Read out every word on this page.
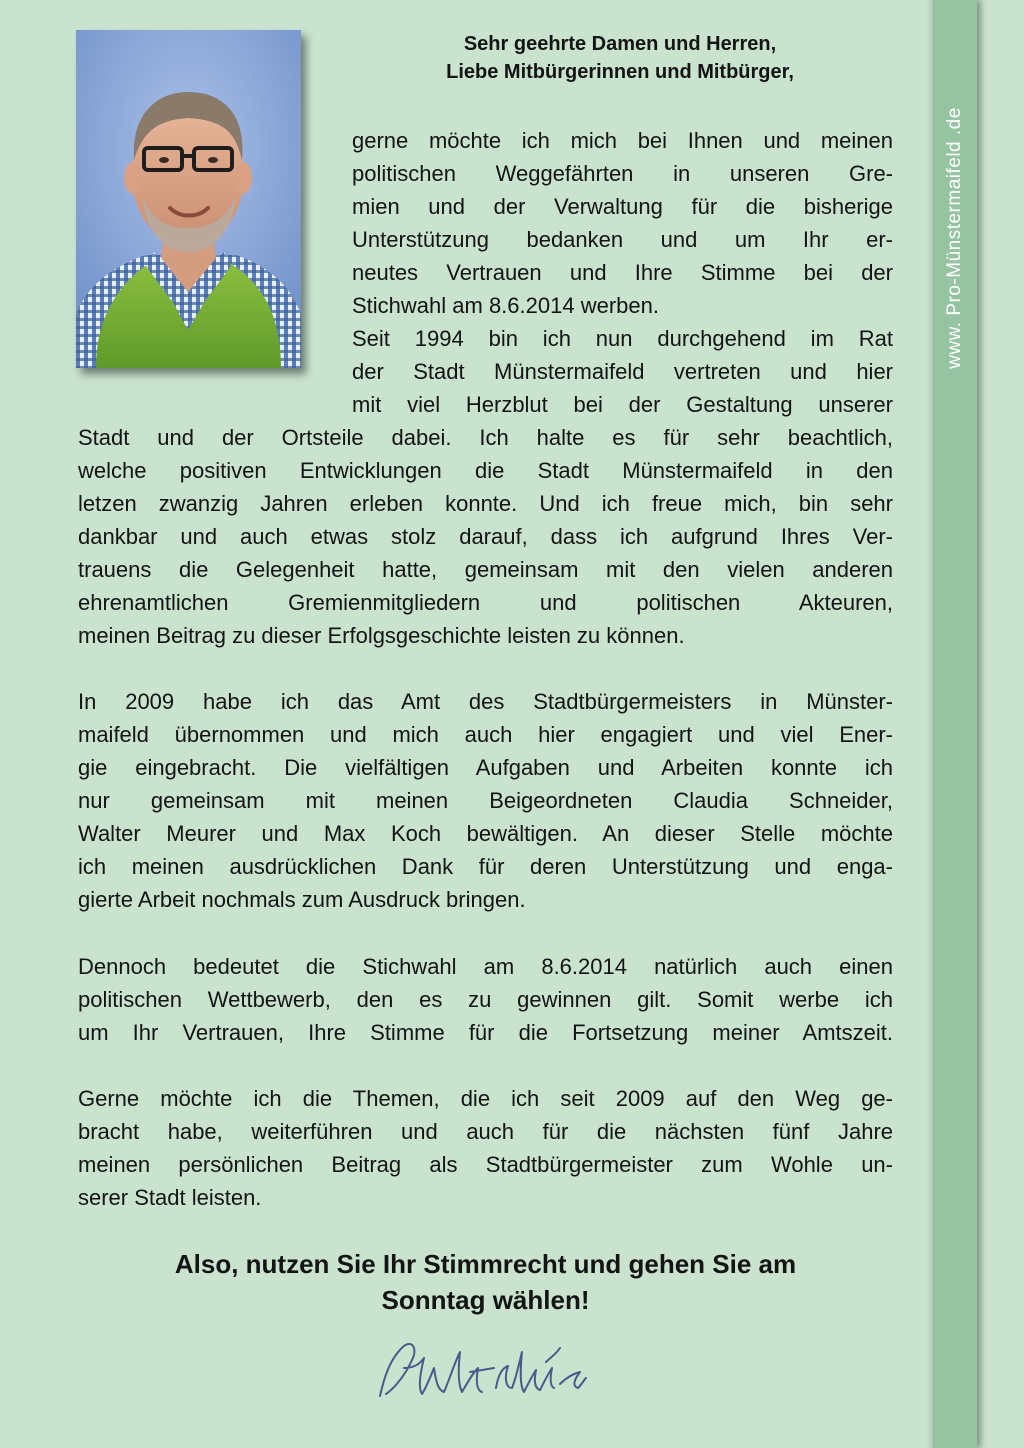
www. Pro-Münstermaifeld .de
Sehr geehrte Damen und Herren,
Liebe Mitbürgerinnen und Mitbürger,
gerne möchte ich mich bei Ihnen und meinen
politischen Weggefährten in unseren Gre-
mien und der Verwaltung für die bisherige
Unterstützung bedanken und um Ihr er-
neutes Vertrauen und Ihre Stimme bei der
Stichwahl am 8.6.2014 werben.
Seit 1994 bin ich nun durchgehend im Rat
der Stadt Münstermaifeld vertreten und hier
mit viel Herzblut bei der Gestaltung unserer
Stadt und der Ortsteile dabei. Ich halte es für sehr beachtlich,
welche positiven Entwicklungen die Stadt Münstermaifeld in den
letzen zwanzig Jahren erleben konnte. Und ich freue mich, bin sehr
dankbar und auch etwas stolz darauf, dass ich aufgrund Ihres Ver-
trauens die Gelegenheit hatte, gemeinsam mit den vielen anderen
ehrenamtlichen Gremienmitgliedern und politischen Akteuren,
meinen Beitrag zu dieser Erfolgsgeschichte leisten zu können.
In 2009 habe ich das Amt des Stadtbürgermeisters in Münster-
maifeld übernommen und mich auch hier engagiert und viel Ener-
gie eingebracht. Die vielfältigen Aufgaben und Arbeiten konnte ich
nur gemeinsam mit meinen Beigeordneten Claudia Schneider,
Walter Meurer und Max Koch bewältigen. An dieser Stelle möchte
ich meinen ausdrücklichen Dank für deren Unterstützung und enga-
gierte Arbeit nochmals zum Ausdruck bringen.
Dennoch bedeutet die Stichwahl am 8.6.2014 natürlich auch einen
politischen Wettbewerb, den es zu gewinnen gilt. Somit werbe ich
um Ihr Vertrauen, Ihre Stimme für die Fortsetzung meiner Amtszeit.
Gerne möchte ich die Themen, die ich seit 2009 auf den Weg ge-
bracht habe, weiterführen und auch für die nächsten fünf Jahre
meinen persönlichen Beitrag als Stadtbürgermeister zum Wohle un-
serer Stadt leisten.
Also, nutzen Sie Ihr Stimmrecht und gehen Sie am
Sonntag wählen!
